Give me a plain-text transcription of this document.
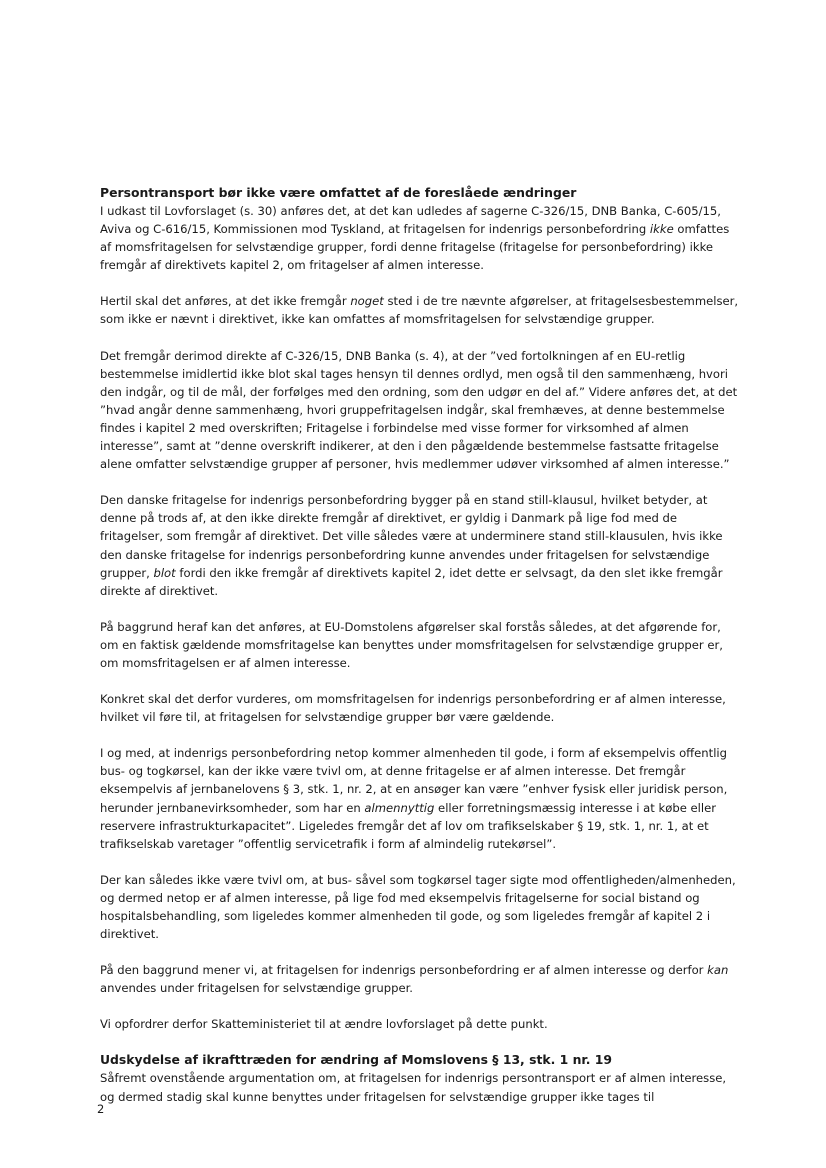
Persontransport bør ikke være omfattet af de foreslåede ændringer

I udkast til Lovforslaget (s. 30) anføres det, at det kan udledes af sagerne C-326/15, DNB Banka, C-605/15, Aviva og C-616/15, Kommissionen mod Tyskland, at fritagelsen for indenrigs personbefordring ikke omfattes af momsfritagelsen for selvstændige grupper, fordi denne fritagelse (fritagelse for personbefordring) ikke fremgår af direktivets kapitel 2, om fritagelser af almen interesse.

Hertil skal det anføres, at det ikke fremgår noget sted i de tre nævnte afgørelser, at fritagelsesbestemmelser, som ikke er nævnt i direktivet, ikke kan omfattes af momsfritagelsen for selvstændige grupper.

Det fremgår derimod direkte af C-326/15, DNB Banka (s. 4), at der ”ved fortolkningen af en EU-retlig bestemmelse imidlertid ikke blot skal tages hensyn til dennes ordlyd, men også til den sammenhæng, hvori den indgår, og til de mål, der forfølges med den ordning, som den udgør en del af.” Videre anføres det, at det ”hvad angår denne sammenhæng, hvori gruppefritagelsen indgår, skal fremhæves, at denne bestemmelse findes i kapitel 2 med overskriften; Fritagelse i forbindelse med visse former for virksomhed af almen interesse”, samt at ”denne overskrift indikerer, at den i den pågældende bestemmelse fastsatte fritagelse alene omfatter selvstændige grupper af personer, hvis medlemmer udøver virksomhed af almen interesse.”

Den danske fritagelse for indenrigs personbefordring bygger på en stand still-klausul, hvilket betyder, at denne på trods af, at den ikke direkte fremgår af direktivet, er gyldig i Danmark på lige fod med de fritagelser, som fremgår af direktivet. Det ville således være at underminere stand still-klausulen, hvis ikke den danske fritagelse for indenrigs personbefordring kunne anvendes under fritagelsen for selvstændige grupper, blot fordi den ikke fremgår af direktivets kapitel 2, idet dette er selvsagt, da den slet ikke fremgår direkte af direktivet.

På baggrund heraf kan det anføres, at EU-Domstolens afgørelser skal forstås således, at det afgørende for, om en faktisk gældende momsfritagelse kan benyttes under momsfritagelsen for selvstændige grupper er, om momsfritagelsen er af almen interesse.

Konkret skal det derfor vurderes, om momsfritagelsen for indenrigs personbefordring er af almen interesse, hvilket vil føre til, at fritagelsen for selvstændige grupper bør være gældende.

I og med, at indenrigs personbefordring netop kommer almenheden til gode, i form af eksempelvis offentlig bus- og togkørsel, kan der ikke være tvivl om, at denne fritagelse er af almen interesse. Det fremgår eksempelvis af jernbanelovens § 3, stk. 1, nr. 2, at en ansøger kan være ”enhver fysisk eller juridisk person, herunder jernbanevirksomheder, som har en almennyttig eller forretningsmæssig interesse i at købe eller reservere infrastrukturkapacitet”. Ligeledes fremgår det af lov om trafikselskaber § 19, stk. 1, nr. 1, at et trafikselskab varetager ”offentlig servicetrafik i form af almindelig rutekørsel”.

Der kan således ikke være tvivl om, at bus- såvel som togkørsel tager sigte mod offentligheden/almenheden, og dermed netop er af almen interesse, på lige fod med eksempelvis fritagelserne for social bistand og hospitalsbehandling, som ligeledes kommer almenheden til gode, og som ligeledes fremgår af kapitel 2 i direktivet.

På den baggrund mener vi, at fritagelsen for indenrigs personbefordring er af almen interesse og derfor kan anvendes under fritagelsen for selvstændige grupper.

Vi opfordrer derfor Skatteministeriet til at ændre lovforslaget på dette punkt.

Udskydelse af ikrafttræden for ændring af Momslovens § 13, stk. 1 nr. 19

Såfremt ovenstående argumentation om, at fritagelsen for indenrigs persontransport er af almen interesse, og dermed stadig skal kunne benyttes under fritagelsen for selvstændige grupper ikke tages til

2
